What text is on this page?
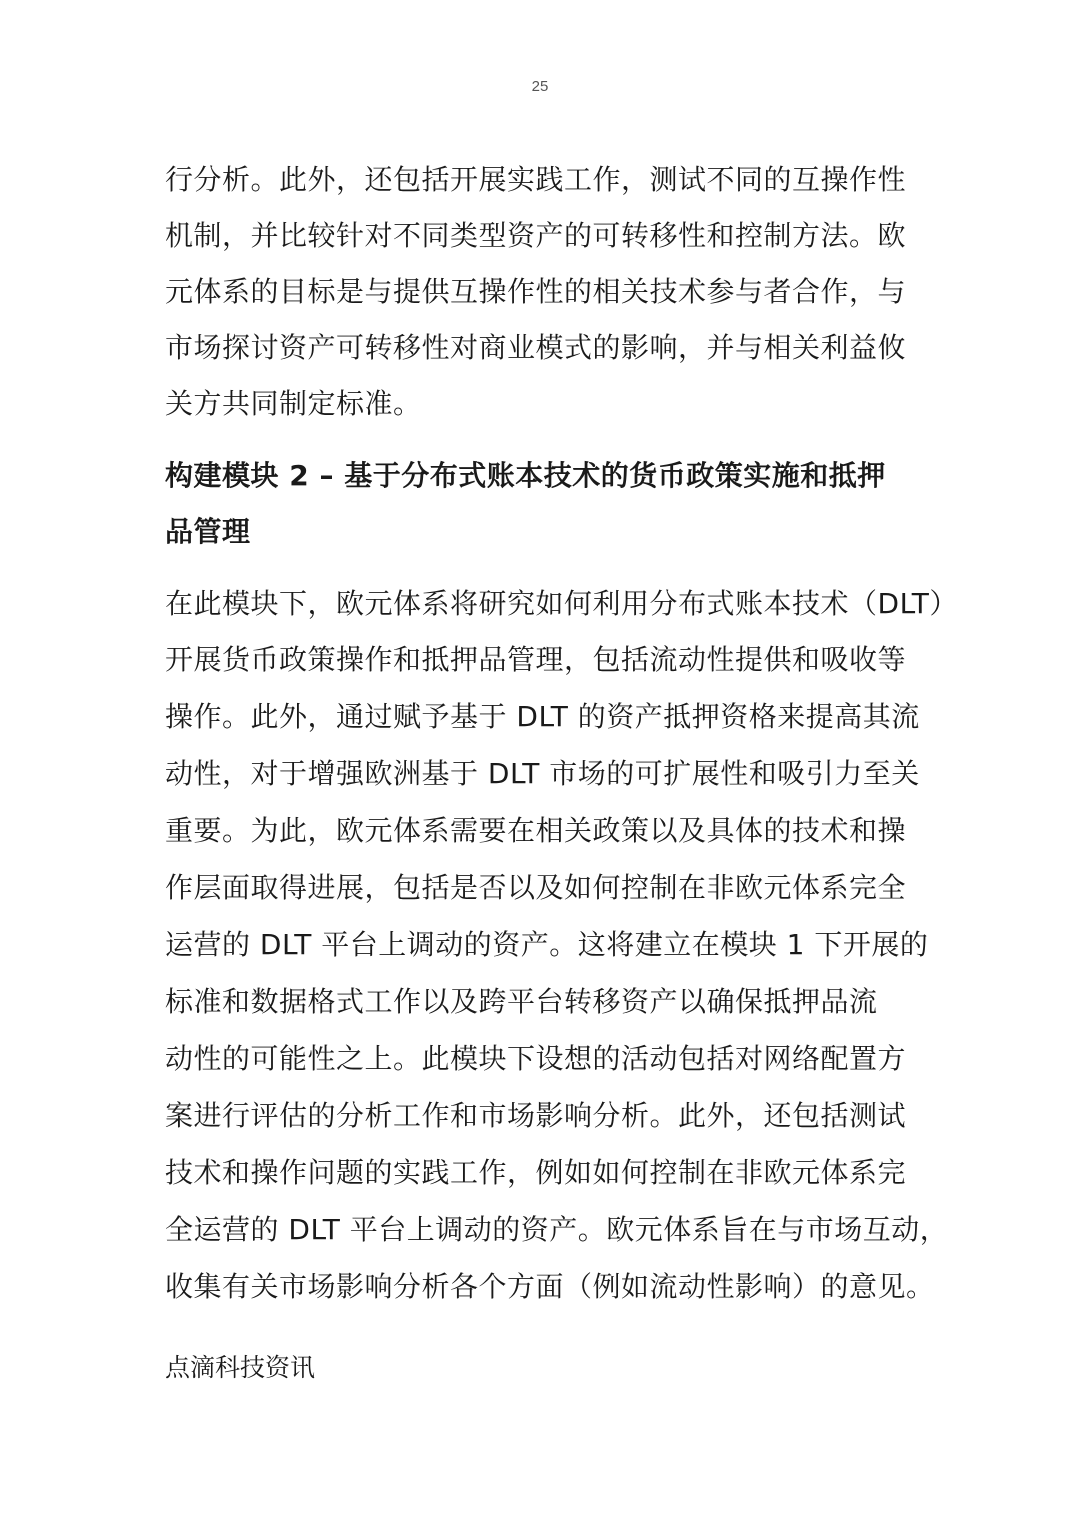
25
行分析。此外，还包括开展实践工作，测试不同的互操作性
机制，并比较针对不同类型资产的可转移性和控制方法。欧
元体系的目标是与提供互操作性的相关技术参与者合作，与
市场探讨资产可转移性对商业模式的影响，并与相关利益攸
关方共同制定标准。
构建模块 2 – 基于分布式账本技术的货币政策实施和抵押
品管理
在此模块下，欧元体系将研究如何利用分布式账本技术（DLT）
开展货币政策操作和抵押品管理，包括流动性提供和吸收等
操作。此外，通过赋予基于 DLT 的资产抵押资格来提高其流
动性，对于增强欧洲基于 DLT 市场的可扩展性和吸引力至关
重要。为此，欧元体系需要在相关政策以及具体的技术和操
作层面取得进展，包括是否以及如何控制在非欧元体系完全
运营的 DLT 平台上调动的资产。这将建立在模块 1 下开展的
标准和数据格式工作以及跨平台转移资产以确保抵押品流
动性的可能性之上。此模块下设想的活动包括对网络配置方
案进行评估的分析工作和市场影响分析。此外，还包括测试
技术和操作问题的实践工作，例如如何控制在非欧元体系完
全运营的 DLT 平台上调动的资产。欧元体系旨在与市场互动，
收集有关市场影响分析各个方面（例如流动性影响）的意见。
点滴科技资讯
